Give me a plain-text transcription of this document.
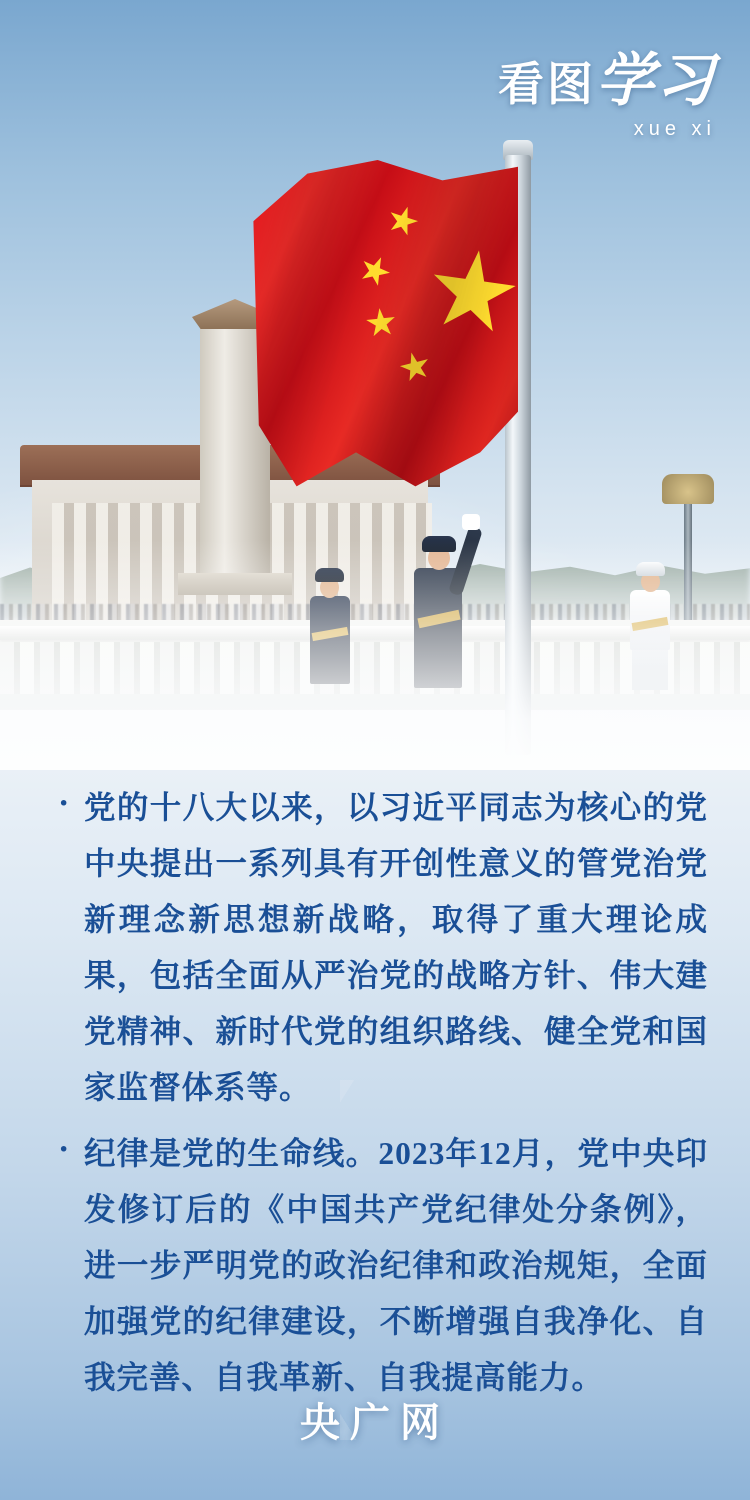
看图学习
xue xi

· 党的十八大以来，以习近平同志为核心的党中央提出一系列具有开创性意义的管党治党新理念新思想新战略，取得了重大理论成果，包括全面从严治党的战略方针、伟大建党精神、新时代党的组织路线、健全党和国家监督体系等。

· 纪律是党的生命线。2023年12月，党中央印发修订后的《中国共产党纪律处分条例》，进一步严明党的政治纪律和政治规矩，全面加强党的纪律建设，不断增强自我净化、自我完善、自我革新、自我提高能力。

央广网
